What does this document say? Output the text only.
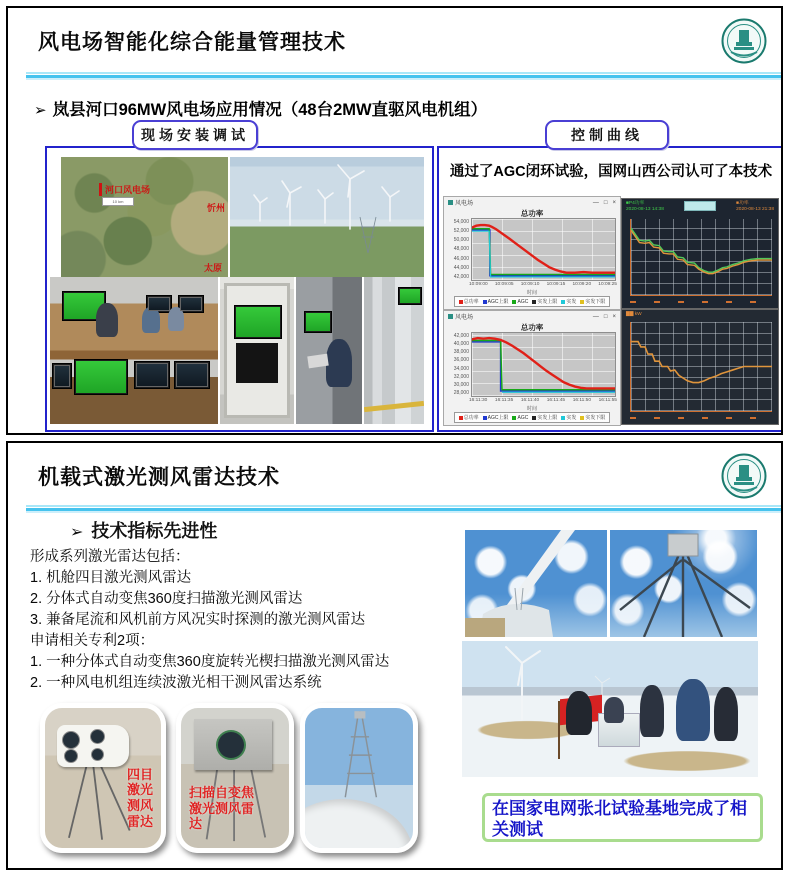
风电场智能化综合能量管理技术
➢ 岚县河口96MW风电场应用情况（48台2MW直驱风电机组）
现场安装调试	控制曲线
河口风电场
10 km
忻州
太原
通过了AGC闭环试验，国网山西公司认可了本技术
风电场	— □ ×
总功率
54,000
52,000
50,000
48,000
46,000
44,000
42,000
10:09:00 10:09:05 10:09:10 10:09:15 10:09:20 10:09:25
时间
总功率 AGC上限 AGC 实发上限 实发 实发下限
风电场	— □ ×
总功率
42,000
40,000
38,000
36,000
34,000
32,000
30,000
28,000
16:11:30 16:11:35 16:11:40 16:11:45 16:11:50 16:11:55
时间
总功率 AGC上限 AGC 实发上限 实发 实发下限
■P4功率
2020-08-13 14:38
■功率
2020-08-13 21:38
▇▇ kW
机载式激光测风雷达技术
➢ 技术指标先进性
形成系列激光雷达包括：
1. 机舱四目激光测风雷达
2. 分体式自动变焦360度扫描激光测风雷达
3. 兼备尾流和风机前方风况实时探测的激光测风雷达
申请相关专利2项：
1. 一种分体式自动变焦360度旋转光楔扫描激光测风雷达
2. 一种风电机组连续波激光相干测风雷达系统
四目
激光
测风
雷达
扫描自变焦
激光测风雷
达
在国家电网张北试验基地完成了相关测试
